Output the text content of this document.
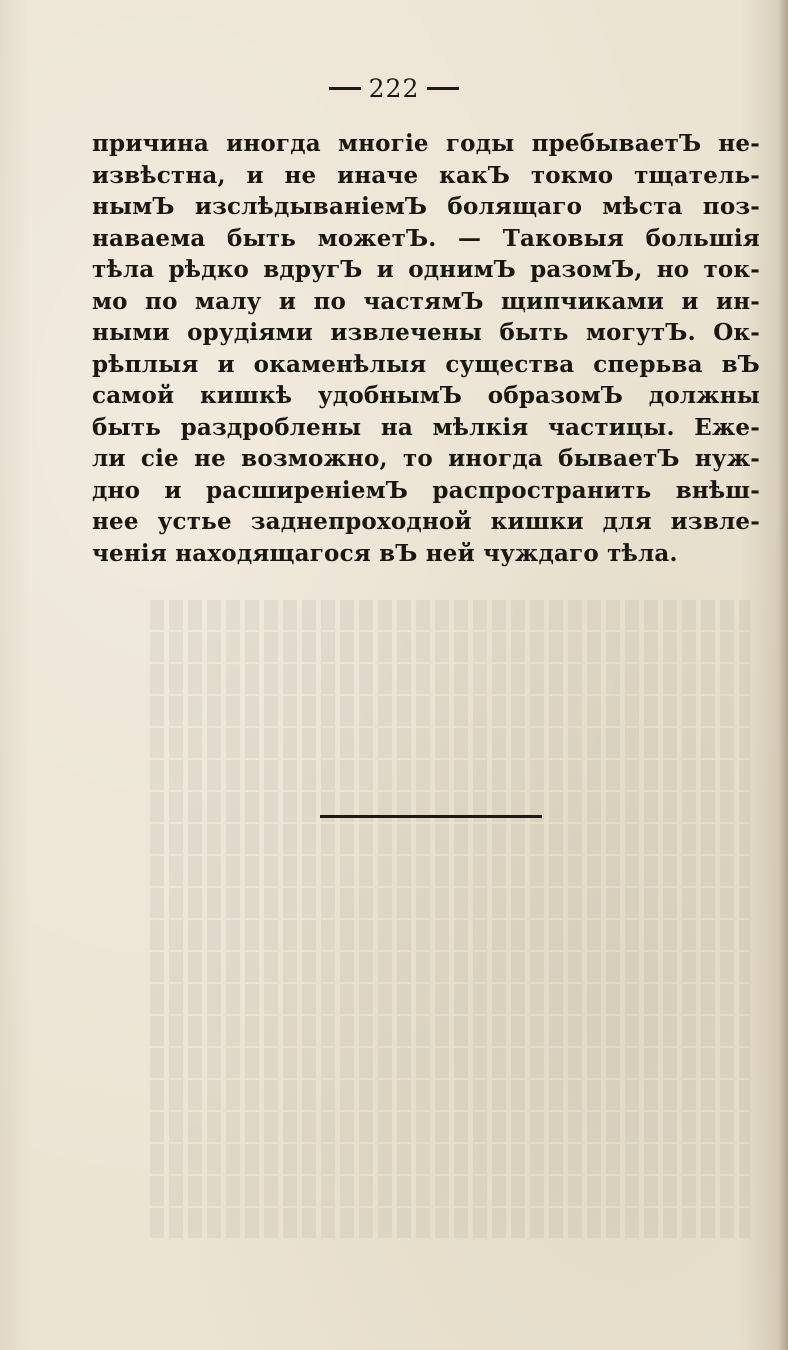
222
причина иногда многіе годы пребываетЪ не-
извѣстна, и не иначе какЪ токмо тщатель-
нымЪ изслѣдываніемЪ болящаго мѣста поз-
наваема быть можетЪ. — Таковыя большія
тѣла рѣдко вдругЪ и однимЪ разомЪ, но ток-
мо по малу и по частямЪ щипчиками и ин-
ными орудіями извлечены быть могутЪ. Ок-
рѣплыя и окаменѣлыя существа сперьва вЪ
самой кишкѣ удобнымЪ образомЪ должны
быть раздроблены на мѣлкія частицы. Еже-
ли сіе не возможно, то иногда бываетЪ нуж-
дно и расширеніемЪ распространить внѣш-
нее устье заднепроходной кишки для извле-
ченія находящагося вЪ ней чуждаго тѣла.
